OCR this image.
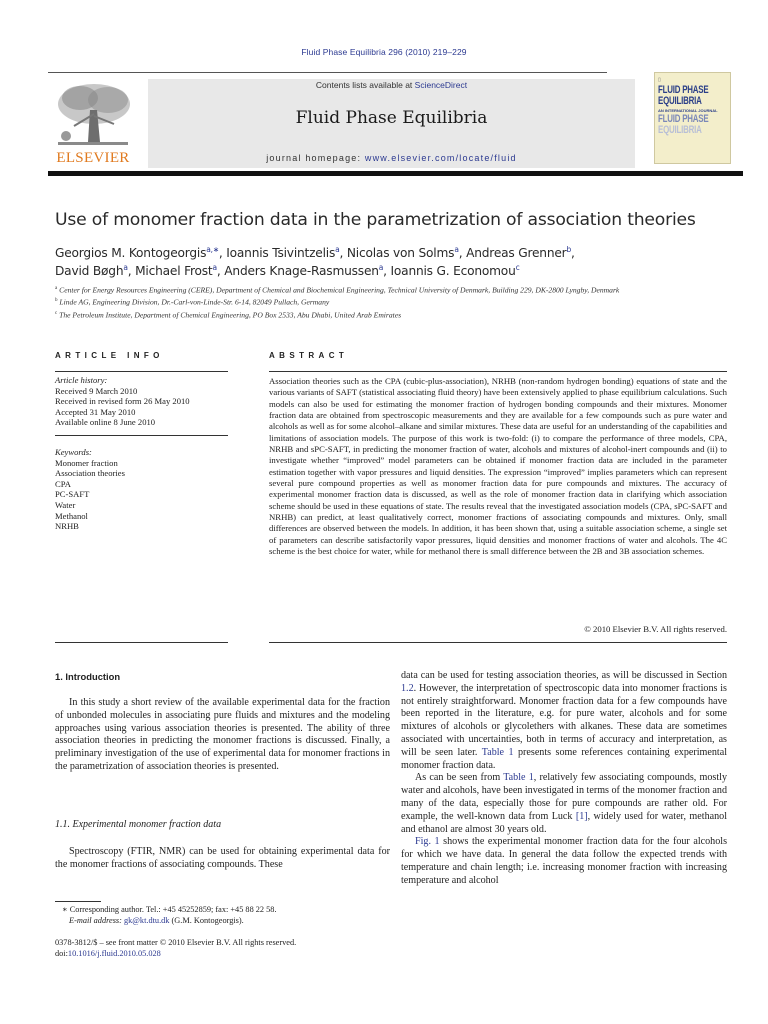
Fluid Phase Equilibria 296 (2010) 219–229
ELSEVIER
Contents lists available at ScienceDirect
Fluid Phase Equilibria
journal homepage: www.elsevier.com/locate/fluid
▯
FLUID PHASE
EQUILIBRIA
AN INTERNATIONAL JOURNAL
FLUID PHASE
EQUILIBRIA
Use of monomer fraction data in the parametrization of association theories
Georgios M. Kontogeorgis$^{a,∗}$, Ioannis Tsivintzelis$^a$, Nicolas von Solms$^a$, Andreas Grenner$^b$,
David Bøgh$^a$, Michael Frost$^a$, Anders Knage-Rasmussen$^a$, Ioannis G. Economou$^c$
$^a$ Center for Energy Resources Engineering (CERE), Department of Chemical and Biochemical Engineering, Technical University of Denmark, Building 229, DK-2800 Lyngby, Denmark
$^b$ Linde AG, Engineering Division, Dr.-Carl-von-Linde-Str. 6-14, 82049 Pullach, Germany
$^c$ The Petroleum Institute, Department of Chemical Engineering, PO Box 2533, Abu Dhabi, United Arab Emirates
ARTICLE INFO
Article history:
Received 9 March 2010
Received in revised form 26 May 2010
Accepted 31 May 2010
Available online 8 June 2010
Keywords:
Monomer fraction
Association theories
CPA
PC-SAFT
Water
Methanol
NRHB
ABSTRACT
Association theories such as the CPA (cubic-plus-association), NRHB (non-random hydrogen bonding) equations of state and the various variants of SAFT (statistical associating fluid theory) have been extensively applied to phase equilibrium calculations. Such models can also be used for estimating the monomer fraction of hydrogen bonding compounds and their mixtures. Monomer fraction data are obtained from spectroscopic measurements and they are available for a few compounds such as pure water and alcohols as well as for some alcohol–alkane and similar mixtures. These data are useful for an understanding of the capabilities and limitations of association models. The purpose of this work is two-fold: (i) to compare the performance of three models, CPA, NRHB and sPC-SAFT, in predicting the monomer fraction of water, alcohols and mixtures of alcohol-inert compounds and (ii) to investigate whether “improved” model parameters can be obtained if monomer fraction data are included in the parameter estimation together with vapor pressures and liquid densities. The expression “improved” implies parameters which can represent several pure compound properties as well as monomer fraction data for pure compounds and mixtures. The accuracy of experimental monomer fraction data is discussed, as well as the role of monomer fraction data in clarifying which association scheme should be used in these equations of state. The results reveal that the investigated association models (CPA, sPC-SAFT and NRHB) can predict, at least qualitatively correct, monomer fractions of associating compounds and mixtures. Only, small differences are observed between the models. In addition, it has been shown that, using a suitable association scheme, a single set of parameters can describe satisfactorily vapor pressures, liquid densities and monomer fractions of water and alcohols. The 4C scheme is the best choice for water, while for methanol there is small difference between the 2B and 3B association schemes.
© 2010 Elsevier B.V. All rights reserved.
1. Introduction

In this study a short review of the available experimental data for the fraction of unbonded molecules in associating pure fluids and mixtures and the modeling approaches using various association theories is presented. The ability of three association theories in predicting the monomer fractions is discussed. Finally, a preliminary investigation of the use of experimental data for monomer fractions in the parametrization of association theories is presented.

1.1. Experimental monomer fraction data

Spectroscopy (FTIR, NMR) can be used for obtaining experimental data for the monomer fractions of associating compounds. These

∗ Corresponding author. Tel.: +45 45252859; fax: +45 88 22 58.
E-mail address: gk@kt.dtu.dk (G.M. Kontogeorgis).
0378-3812/$ – see front matter © 2010 Elsevier B.V. All rights reserved.
doi:10.1016/j.fluid.2010.05.028
data can be used for testing association theories, as will be discussed in Section 1.2. However, the interpretation of spectroscopic data into monomer fractions is not entirely straightforward. Monomer fraction data for a few compounds have been reported in the literature, e.g. for pure water, alcohols and for some mixtures of alcohols or glycolethers with alkanes. These data are sometimes associated with uncertainties, both in terms of accuracy and interpretation, as will be seen later. Table 1 presents some references containing experimental monomer fraction data.

As can be seen from Table 1, relatively few associating compounds, mostly water and alcohols, have been investigated in terms of the monomer fraction and many of the data, especially those for pure compounds are rather old. For example, the well-known data from Luck [1], widely used for water, methanol and ethanol are almost 30 years old.

Fig. 1 shows the experimental monomer fraction data for the four alcohols for which we have data. In general the data follow the expected trends with temperature and chain length; i.e. increasing monomer fraction with increasing temperature and alcohol
